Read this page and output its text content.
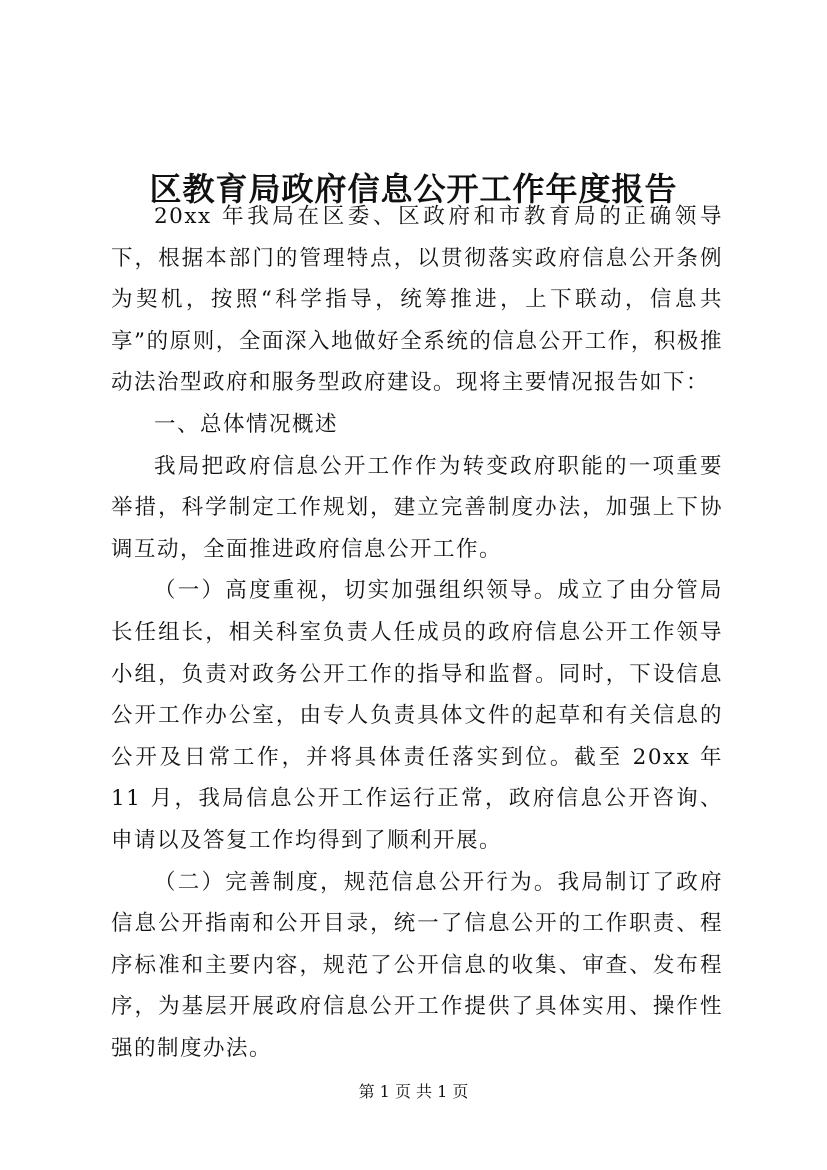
区教育局政府信息公开工作年度报告

20xx 年我局在区委、区政府和市教育局的正确领导下，根据本部门的管理特点，以贯彻落实政府信息公开条例为契机，按照“科学指导，统筹推进，上下联动，信息共享”的原则，全面深入地做好全系统的信息公开工作，积极推动法治型政府和服务型政府建设。现将主要情况报告如下：

一、总体情况概述

我局把政府信息公开工作作为转变政府职能的一项重要举措，科学制定工作规划，建立完善制度办法，加强上下协调互动，全面推进政府信息公开工作。

（一）高度重视，切实加强组织领导。成立了由分管局长任组长，相关科室负责人任成员的政府信息公开工作领导小组，负责对政务公开工作的指导和监督。同时，下设信息公开工作办公室，由专人负责具体文件的起草和有关信息的公开及日常工作，并将具体责任落实到位。截至 20xx 年 11 月，我局信息公开工作运行正常，政府信息公开咨询、申请以及答复工作均得到了顺利开展。

（二）完善制度，规范信息公开行为。我局制订了政府信息公开指南和公开目录，统一了信息公开的工作职责、程序标准和主要内容，规范了公开信息的收集、审查、发布程序，为基层开展政府信息公开工作提供了具体实用、操作性强的制度办法。

第 1 页 共 1 页
